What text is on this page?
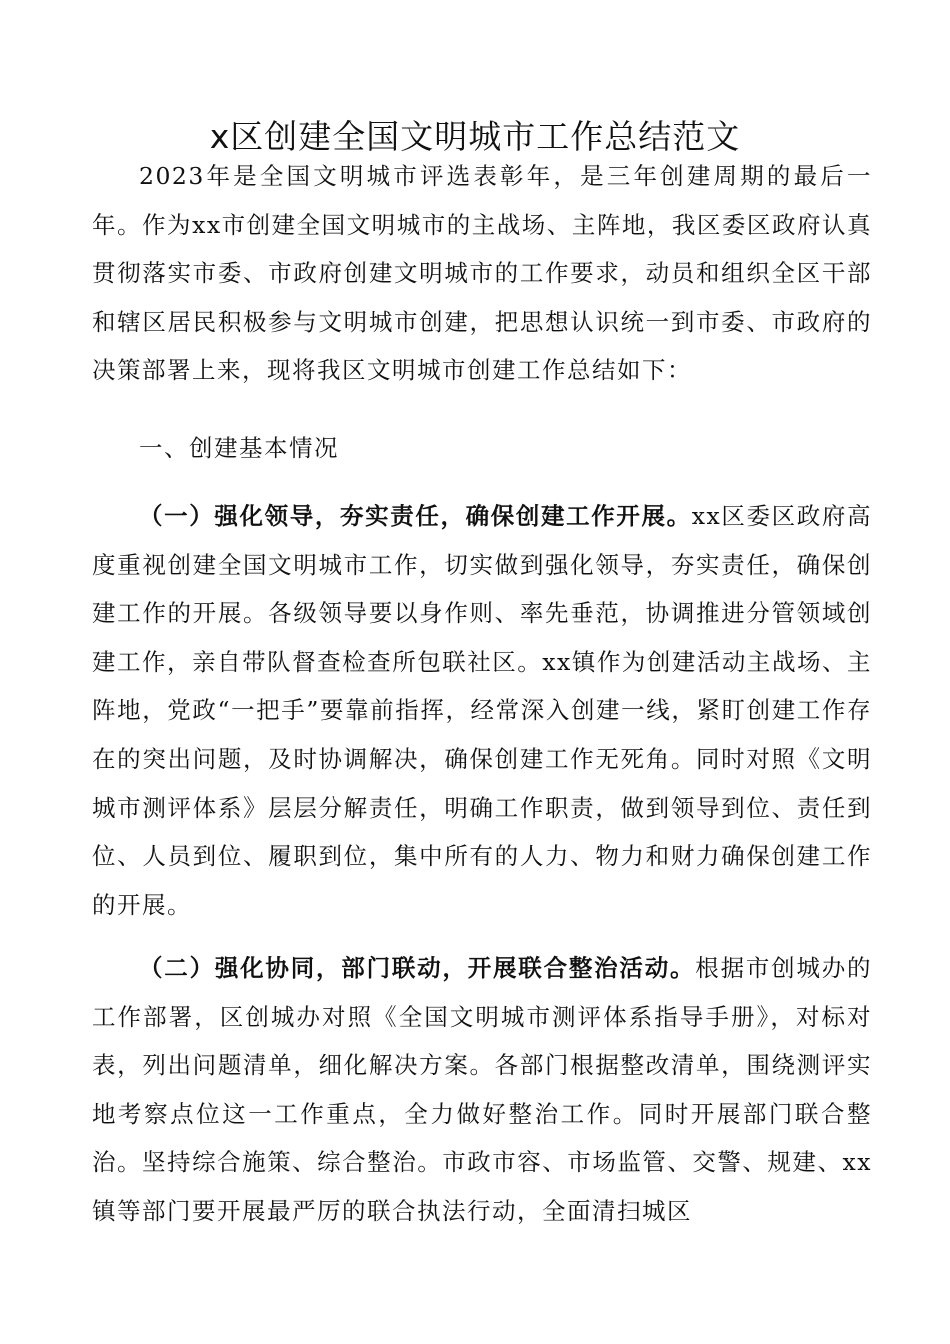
x区创建全国文明城市工作总结范文
2023年是全国文明城市评选表彰年，是三年创建周期的最后一年。作为xx市创建全国文明城市的主战场、主阵地，我区委区政府认真贯彻落实市委、市政府创建文明城市的工作要求，动员和组织全区干部和辖区居民积极参与文明城市创建，把思想认识统一到市委、市政府的决策部署上来，现将我区文明城市创建工作总结如下：
一、创建基本情况
（一）强化领导，夯实责任，确保创建工作开展。xx区委区政府高度重视创建全国文明城市工作，切实做到强化领导，夯实责任，确保创建工作的开展。各级领导要以身作则、率先垂范，协调推进分管领域创建工作，亲自带队督查检查所包联社区。xx镇作为创建活动主战场、主阵地，党政“一把手”要靠前指挥，经常深入创建一线，紧盯创建工作存在的突出问题，及时协调解决，确保创建工作无死角。同时对照《文明城市测评体系》层层分解责任，明确工作职责，做到领导到位、责任到位、人员到位、履职到位，集中所有的人力、物力和财力确保创建工作的开展。
（二）强化协同，部门联动，开展联合整治活动。根据市创城办的工作部署，区创城办对照《全国文明城市测评体系指导手册》，对标对表，列出问题清单，细化解决方案。各部门根据整改清单，围绕测评实地考察点位这一工作重点，全力做好整治工作。同时开展部门联合整治。坚持综合施策、综合整治。市政市容、市场监管、交警、规建、xx镇等部门要开展最严厉的联合执法行动，全面清扫城区
